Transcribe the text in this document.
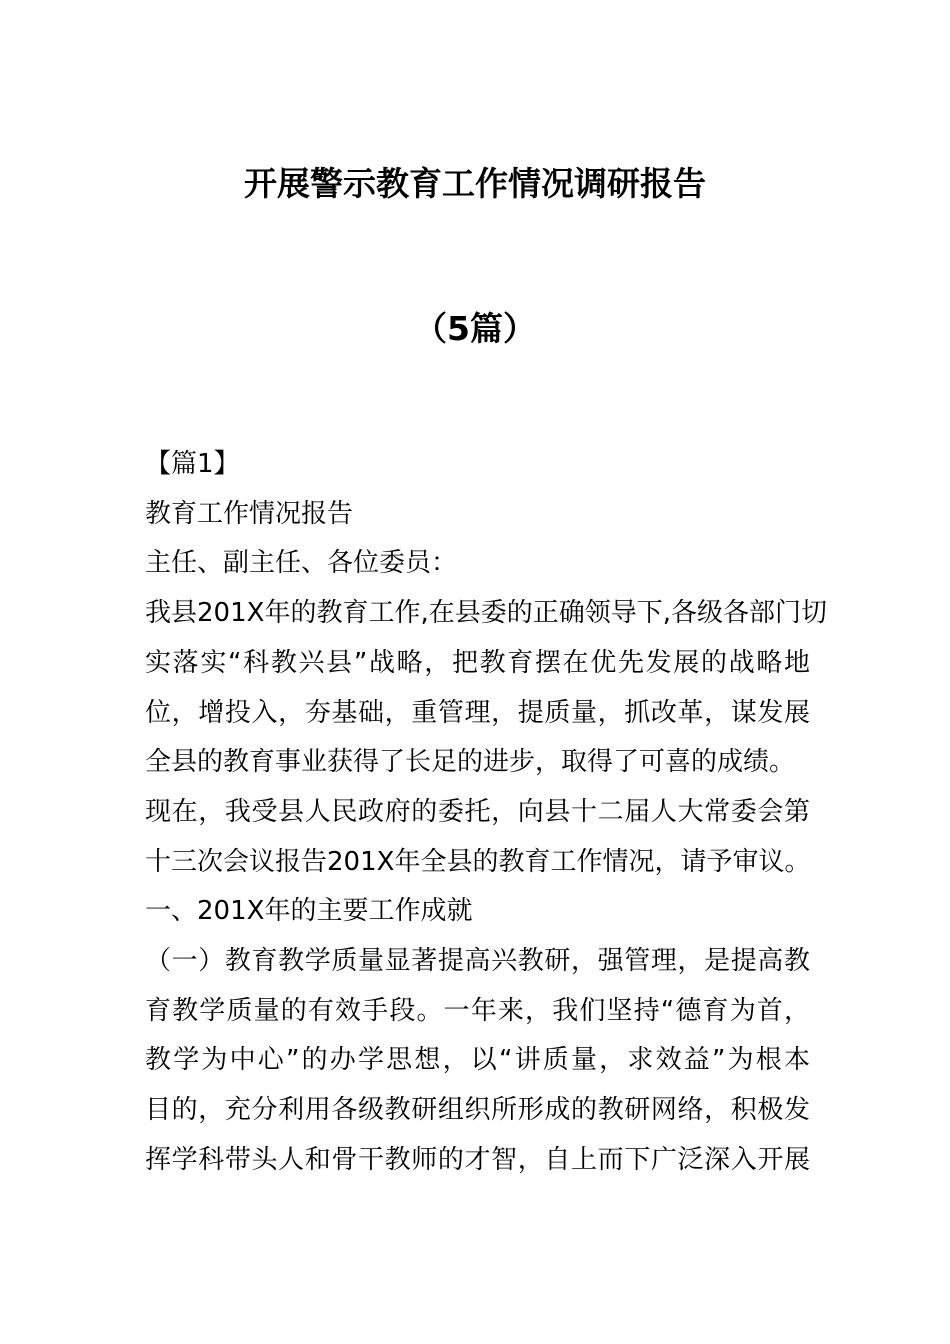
开展警示教育工作情况调研报告
（5篇）

【篇1】

教育工作情况报告

主任、副主任、各位委员：

我县201X年的教育工作,在县委的正确领导下,各级各部门切

实落实“科教兴县”战略，把教育摆在优先发展的战略地

位，增投入，夯基础，重管理，提质量，抓改革，谋发展

全县的教育事业获得了长足的进步，取得了可喜的成绩。

现在，我受县人民政府的委托，向县十二届人大常委会第

十三次会议报告201X年全县的教育工作情况，请予审议。

一、201X年的主要工作成就

（一）教育教学质量显著提高兴教研，强管理，是提高教

育教学质量的有效手段。一年来，我们坚持“德育为首，

教学为中心”的办学思想，以“讲质量，求效益”为根本

目的，充分利用各级教研组织所形成的教研网络，积极发

挥学科带头人和骨干教师的才智，自上而下广泛深入开展
